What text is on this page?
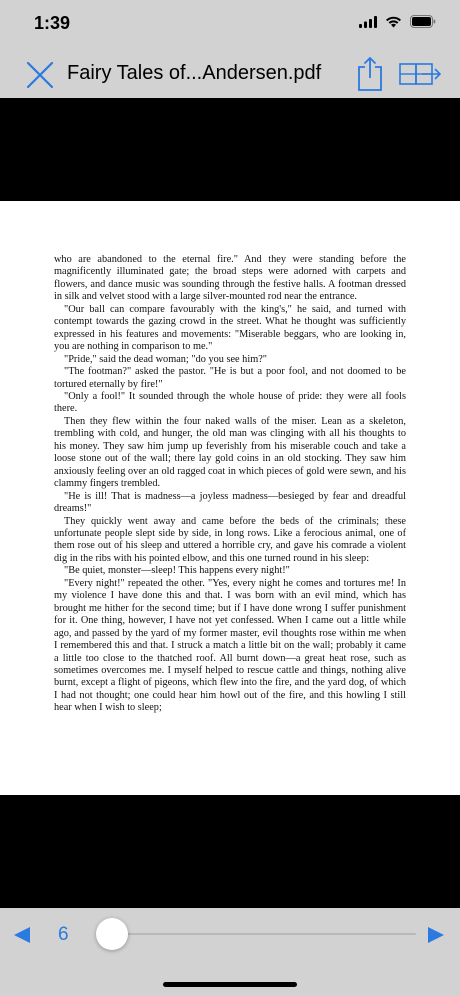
1:39
Fairy Tales of...Andersen.pdf

who are abandoned to the eternal fire." And they were standing before the magnificently illuminated gate; the broad steps were adorned with carpets and flowers, and dance music was sounding through the festive halls. A footman dressed in silk and velvet stood with a large silver-mounted rod near the entrance.

"Our ball can compare favourably with the king's," he said, and turned with contempt towards the gazing crowd in the street. What he thought was sufficiently expressed in his features and movements: "Miserable beggars, who are looking in, you are nothing in comparison to me."

"Pride," said the dead woman; "do you see him?"

"The footman?" asked the pastor. "He is but a poor fool, and not doomed to be tortured eternally by fire!"

"Only a fool!" It sounded through the whole house of pride: they were all fools there.

Then they flew within the four naked walls of the miser. Lean as a skeleton, trembling with cold, and hunger, the old man was clinging with all his thoughts to his money. They saw him jump up feverishly from his miserable couch and take a loose stone out of the wall; there lay gold coins in an old stocking. They saw him anxiously feeling over an old ragged coat in which pieces of gold were sewn, and his clammy fingers trembled.

"He is ill! That is madness—a joyless madness—besieged by fear and dreadful dreams!"

They quickly went away and came before the beds of the criminals; these unfortunate people slept side by side, in long rows. Like a ferocious animal, one of them rose out of his sleep and uttered a horrible cry, and gave his comrade a violent dig in the ribs with his pointed elbow, and this one turned round in his sleep:

"Be quiet, monster—sleep! This happens every night!"

"Every night!" repeated the other. "Yes, every night he comes and tortures me! In my violence I have done this and that. I was born with an evil mind, which has brought me hither for the second time; but if I have done wrong I suffer punishment for it. One thing, however, I have not yet confessed. When I came out a little while ago, and passed by the yard of my former master, evil thoughts rose within me when I remembered this and that. I struck a match a little bit on the wall; probably it came a little too close to the thatched roof. All burnt down—a great heat rose, such as sometimes overcomes me. I myself helped to rescue cattle and things, nothing alive burnt, except a flight of pigeons, which flew into the fire, and the yard dog, of which I had not thought; one could hear him howl out of the fire, and this howling I still hear when I wish to sleep;

6
